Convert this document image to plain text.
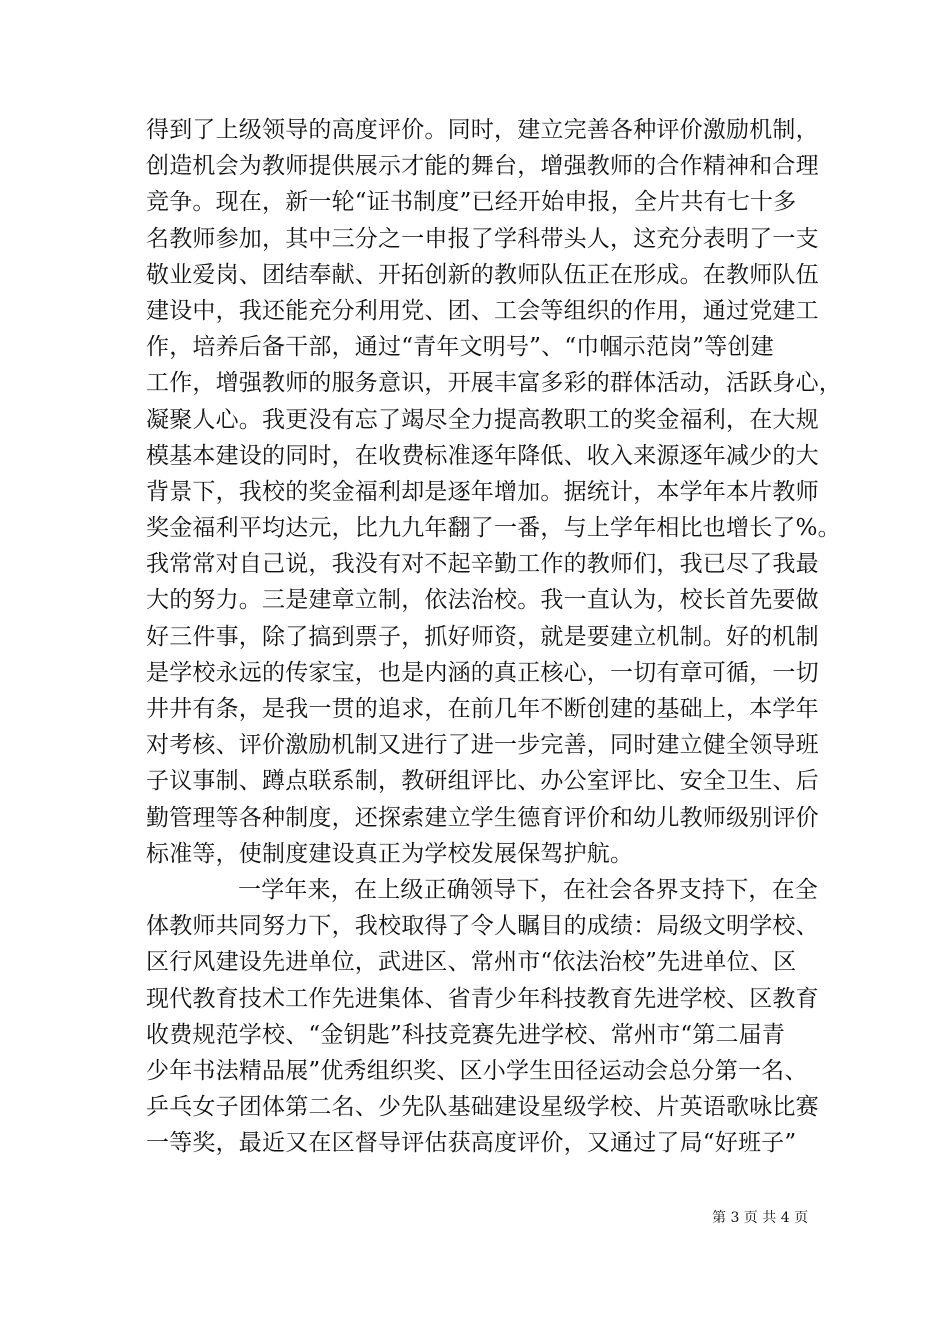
得到了上级领导的高度评价。同时，建立完善各种评价激励机制，
创造机会为教师提供展示才能的舞台，增强教师的合作精神和合理
竞争。现在，新一轮“证书制度”已经开始申报，全片共有七十多
名教师参加，其中三分之一申报了学科带头人，这充分表明了一支
敬业爱岗、团结奉献、开拓创新的教师队伍正在形成。在教师队伍
建设中，我还能充分利用党、团、工会等组织的作用，通过党建工
作，培养后备干部，通过“青年文明号”、“巾帼示范岗”等创建
工作，增强教师的服务意识，开展丰富多彩的群体活动，活跃身心，
凝聚人心。我更没有忘了竭尽全力提高教职工的奖金福利，在大规
模基本建设的同时，在收费标准逐年降低、收入来源逐年减少的大
背景下，我校的奖金福利却是逐年增加。据统计，本学年本片教师
奖金福利平均达元，比九九年翻了一番，与上学年相比也增长了%。
我常常对自己说，我没有对不起辛勤工作的教师们，我已尽了我最
大的努力。三是建章立制，依法治校。我一直认为，校长首先要做
好三件事，除了搞到票子，抓好师资，就是要建立机制。好的机制
是学校永远的传家宝，也是内涵的真正核心，一切有章可循，一切
井井有条，是我一贯的追求，在前几年不断创建的基础上，本学年
对考核、评价激励机制又进行了进一步完善，同时建立健全领导班
子议事制、蹲点联系制，教研组评比、办公室评比、安全卫生、后
勤管理等各种制度，还探索建立学生德育评价和幼儿教师级别评价
标准等，使制度建设真正为学校发展保驾护航。
一学年来，在上级正确领导下，在社会各界支持下，在全
体教师共同努力下，我校取得了令人瞩目的成绩：局级文明学校、
区行风建设先进单位，武进区、常州市“依法治校”先进单位、区
现代教育技术工作先进集体、省青少年科技教育先进学校、区教育
收费规范学校、“金钥匙”科技竞赛先进学校、常州市“第二届青
少年书法精品展”优秀组织奖、区小学生田径运动会总分第一名、
乒乓女子团体第二名、少先队基础建设星级学校、片英语歌咏比赛
一等奖，最近又在区督导评估获高度评价，又通过了局“好班子”
第 3 页 共 4 页
